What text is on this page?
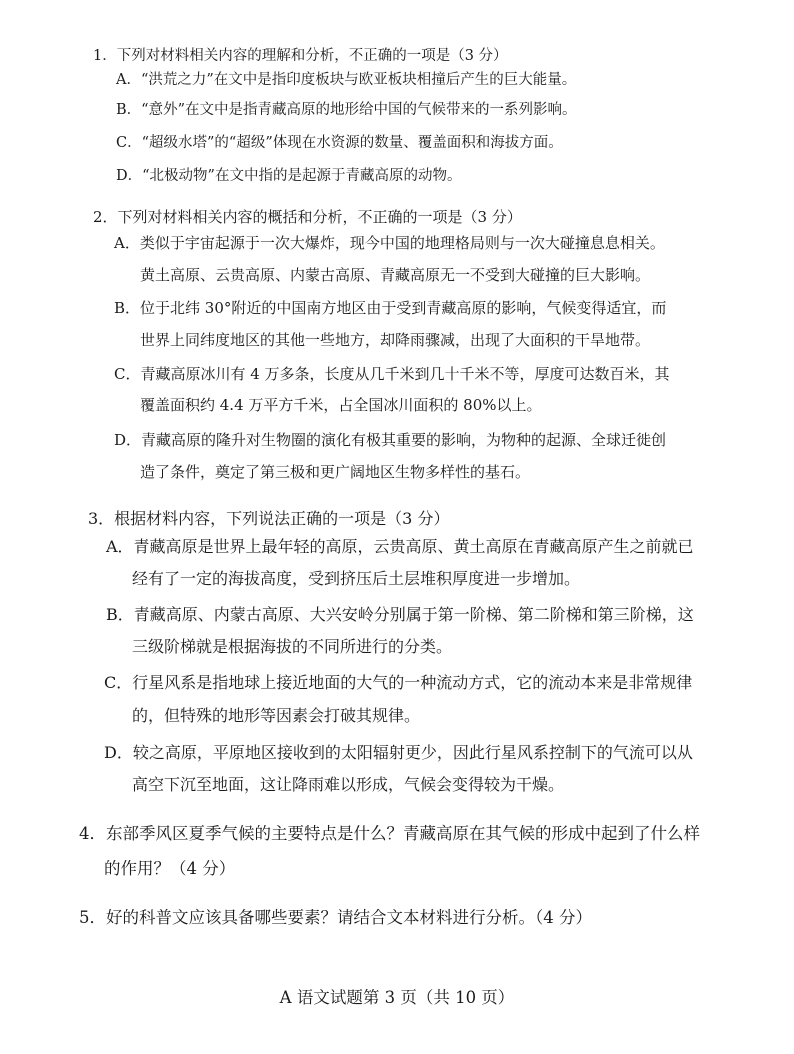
1．下列对材料相关内容的理解和分析，不正确的一项是（3 分）
A．“洪荒之力”在文中是指印度板块与欧亚板块相撞后产生的巨大能量。
B．“意外”在文中是指青藏高原的地形给中国的气候带来的一系列影响。
C．“超级水塔”的“超级”体现在水资源的数量、覆盖面积和海拔方面。
D．“北极动物”在文中指的是起源于青藏高原的动物。
2．下列对材料相关内容的概括和分析，不正确的一项是（3 分）
A．类似于宇宙起源于一次大爆炸，现今中国的地理格局则与一次大碰撞息息相关。
黄土高原、云贵高原、内蒙古高原、青藏高原无一不受到大碰撞的巨大影响。
B．位于北纬 30°附近的中国南方地区由于受到青藏高原的影响，气候变得适宜，而
世界上同纬度地区的其他一些地方，却降雨骤减，出现了大面积的干旱地带。
C．青藏高原冰川有 4 万多条，长度从几千米到几十千米不等，厚度可达数百米，其
覆盖面积约 4.4 万平方千米，占全国冰川面积的 80%以上。
D．青藏高原的隆升对生物圈的演化有极其重要的影响，为物种的起源、全球迁徙创
造了条件，奠定了第三极和更广阔地区生物多样性的基石。
3．根据材料内容，下列说法正确的一项是（3 分）
A．青藏高原是世界上最年轻的高原，云贵高原、黄土高原在青藏高原产生之前就已
经有了一定的海拔高度，受到挤压后土层堆积厚度进一步增加。
B．青藏高原、内蒙古高原、大兴安岭分别属于第一阶梯、第二阶梯和第三阶梯，这
三级阶梯就是根据海拔的不同所进行的分类。
C．行星风系是指地球上接近地面的大气的一种流动方式，它的流动本来是非常规律
的，但特殊的地形等因素会打破其规律。
D．较之高原，平原地区接收到的太阳辐射更少，因此行星风系控制下的气流可以从
高空下沉至地面，这让降雨难以形成，气候会变得较为干燥。
4．东部季风区夏季气候的主要特点是什么？青藏高原在其气候的形成中起到了什么样
的作用？（4 分）
5．好的科普文应该具备哪些要素？请结合文本材料进行分析。（4 分）
A 语文试题第 3 页（共 10 页）
